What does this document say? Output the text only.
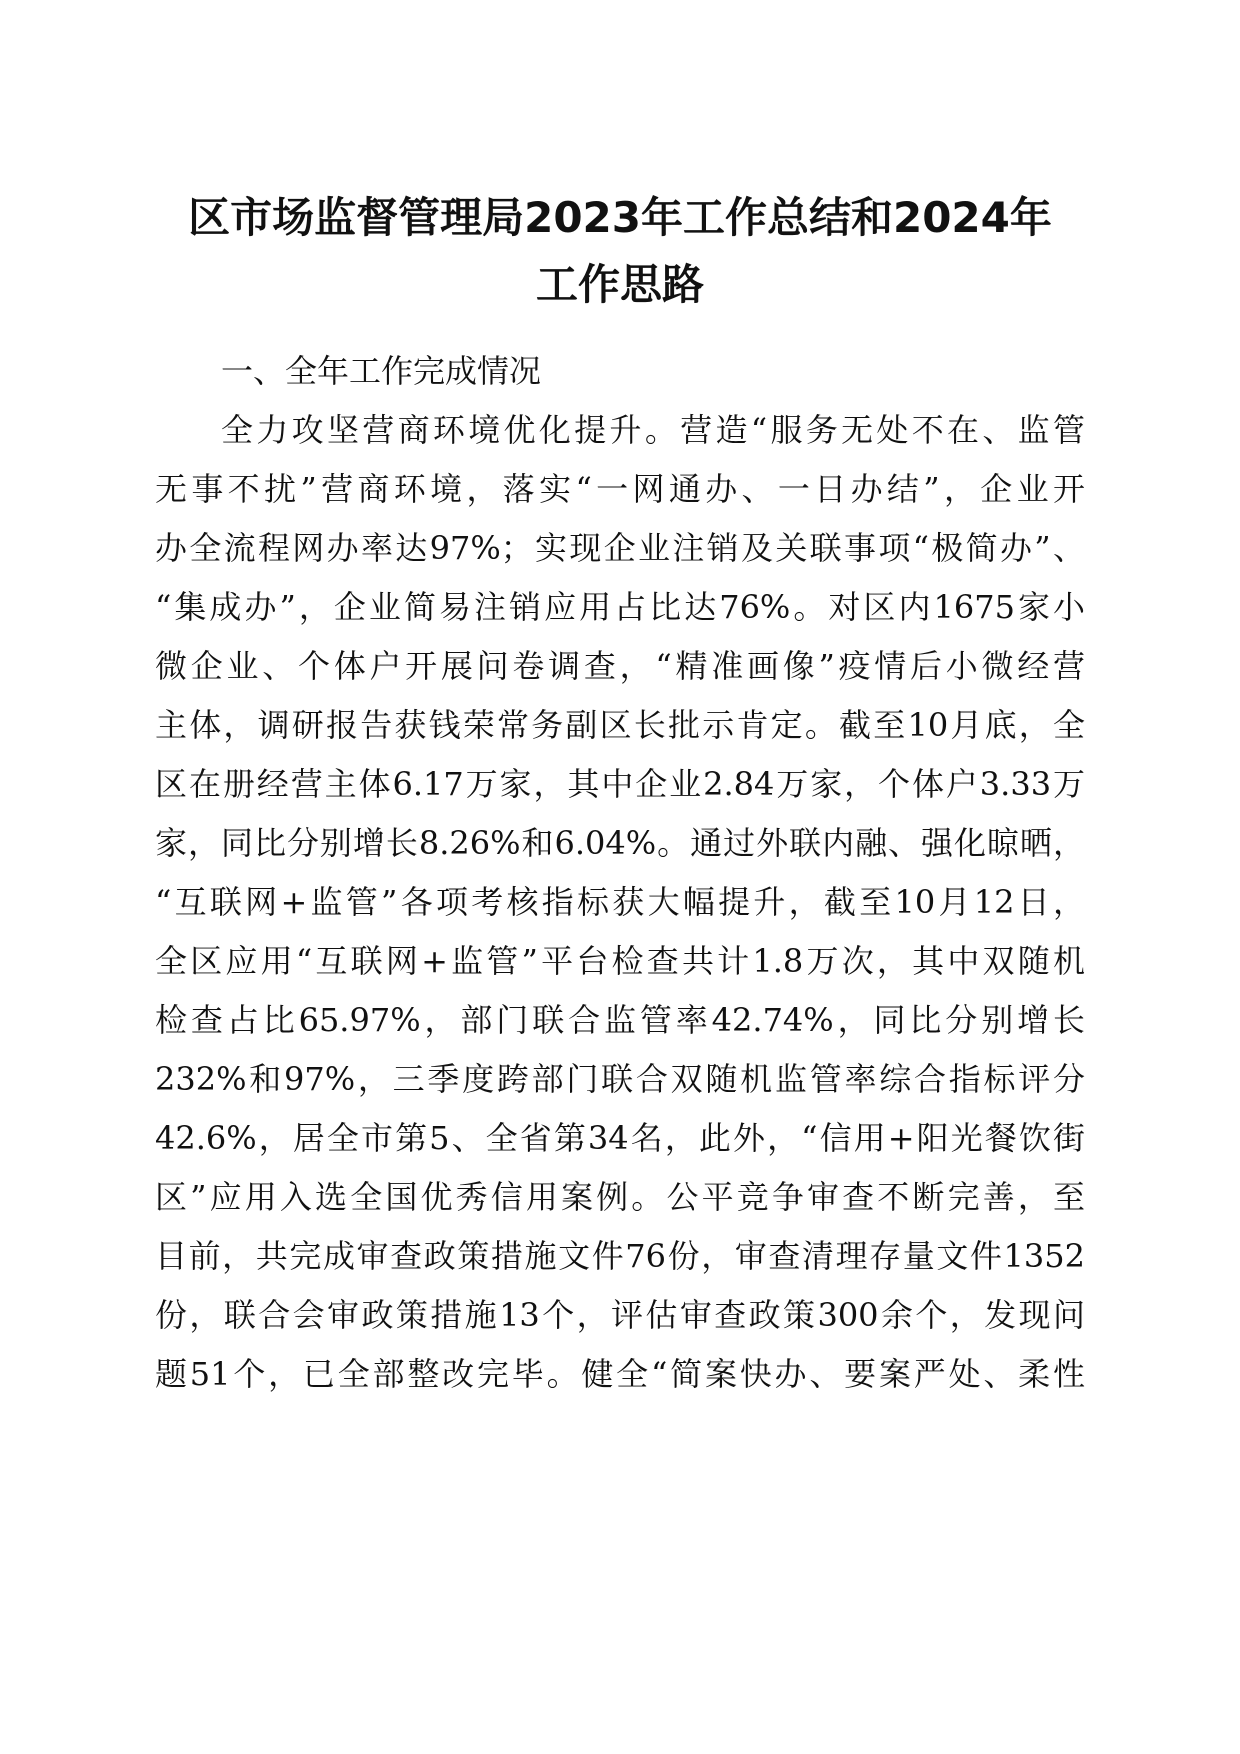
区市场监督管理局2023年工作总结和2024年
工作思路

一、全年工作完成情况

全力攻坚营商环境优化提升。营造“服务无处不在、监管

无事不扰”营商环境，落实“一网通办、一日办结”，企业开

办全流程网办率达97%；实现企业注销及关联事项“极简办”、

“集成办”，企业简易注销应用占比达76%。对区内1675家小

微企业、个体户开展问卷调查，“精准画像”疫情后小微经营

主体，调研报告获钱荣常务副区长批示肯定。截至10月底，全

区在册经营主体6.17万家，其中企业2.84万家，个体户3.33万

家，同比分别增长8.26%和6.04%。通过外联内融、强化晾晒，

“互联网+监管”各项考核指标获大幅提升，截至10月12日，

全区应用“互联网+监管”平台检查共计1.8万次，其中双随机

检查占比65.97%，部门联合监管率42.74%，同比分别增长

232%和97%，三季度跨部门联合双随机监管率综合指标评分

42.6%，居全市第5、全省第34名，此外，“信用+阳光餐饮街

区”应用入选全国优秀信用案例。公平竞争审查不断完善，至

目前，共完成审查政策措施文件76份，审查清理存量文件1352

份，联合会审政策措施13个，评估审查政策300余个，发现问

题51个，已全部整改完毕。健全“简案快办、要案严处、柔性
